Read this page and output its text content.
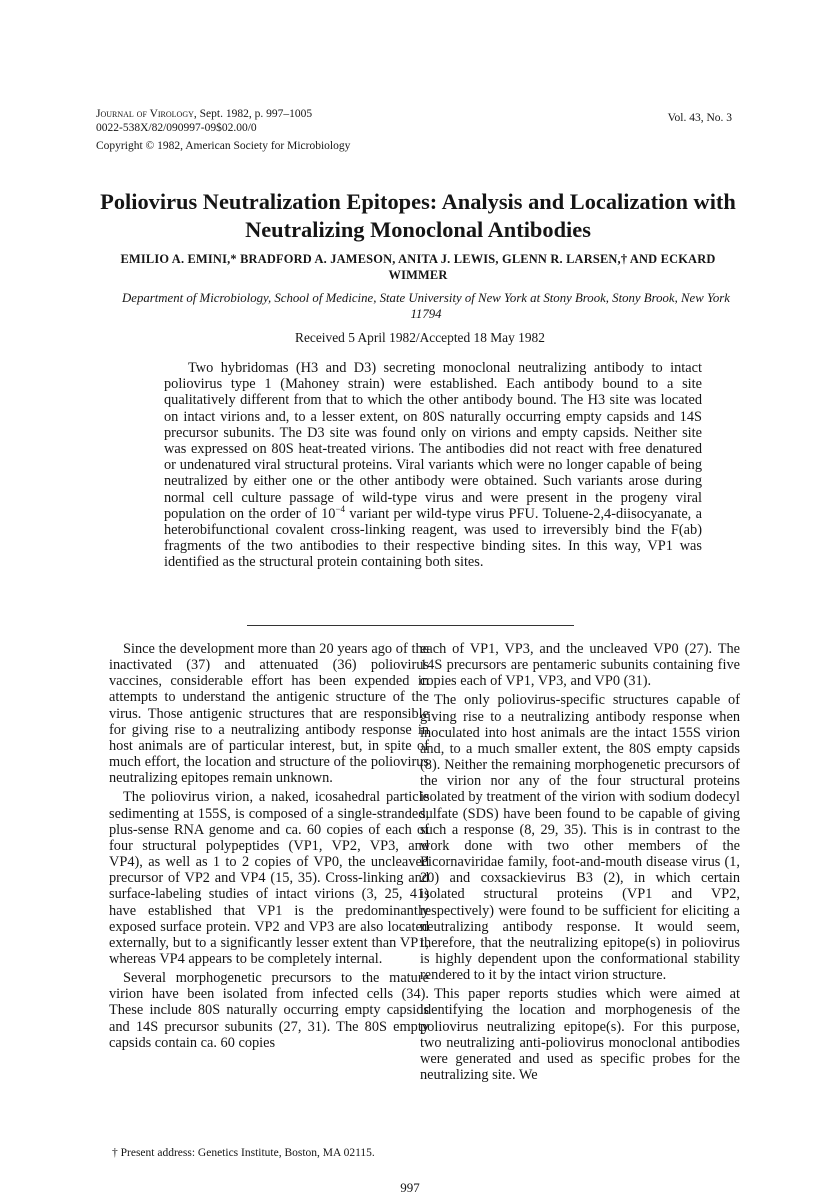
Journal of Virology, Sept. 1982, p. 997–1005
0022-538X/82/090997-09$02.00/0
Copyright © 1982, American Society for Microbiology
Vol. 43, No. 3
Poliovirus Neutralization Epitopes: Analysis and Localization with Neutralizing Monoclonal Antibodies
EMILIO A. EMINI,* BRADFORD A. JAMESON, ANITA J. LEWIS, GLENN R. LARSEN,† AND ECKARD WIMMER
Department of Microbiology, School of Medicine, State University of New York at Stony Brook, Stony Brook, New York 11794
Received 5 April 1982/Accepted 18 May 1982

Two hybridomas (H3 and D3) secreting monoclonal neutralizing antibody to intact poliovirus type 1 (Mahoney strain) were established. Each antibody bound to a site qualitatively different from that to which the other antibody bound. The H3 site was located on intact virions and, to a lesser extent, on 80S naturally occurring empty capsids and 14S precursor subunits. The D3 site was found only on virions and empty capsids. Neither site was expressed on 80S heat-treated virions. The antibodies did not react with free denatured or undenatured viral structural proteins. Viral variants which were no longer capable of being neutralized by either one or the other antibody were obtained. Such variants arose during normal cell culture passage of wild-type virus and were present in the progeny viral population on the order of $10^{-4}$ variant per wild-type virus PFU. Toluene-2,4-diisocyanate, a heterobifunctional covalent cross-linking reagent, was used to irreversibly bind the F(ab) fragments of the two antibodies to their respective binding sites. In this way, VP1 was identified as the structural protein containing both sites.

Since the development more than 20 years ago of the inactivated (37) and attenuated (36) poliovirus vaccines, considerable effort has been expended in attempts to understand the antigenic structure of the virus. Those antigenic structures that are responsible for giving rise to a neutralizing antibody response in host animals are of particular interest, but, in spite of much effort, the location and structure of the poliovirus neutralizing epitopes remain unknown.

The poliovirus virion, a naked, icosahedral particle sedimenting at 155S, is composed of a single-stranded, plus-sense RNA genome and ca. 60 copies of each of four structural polypeptides (VP1, VP2, VP3, and VP4), as well as 1 to 2 copies of VP0, the uncleaved precursor of VP2 and VP4 (15, 35). Cross-linking and surface-labeling studies of intact virions (3, 25, 41) have established that VP1 is the predominantly exposed surface protein. VP2 and VP3 are also located externally, but to a significantly lesser extent than VP1, whereas VP4 appears to be completely internal.

Several morphogenetic precursors to the mature virion have been isolated from infected cells (34). These include 80S naturally occurring empty capsids and 14S precursor subunits (27, 31). The 80S empty capsids contain ca. 60 copies

each of VP1, VP3, and the uncleaved VP0 (27). The 14S precursors are pentameric subunits containing five copies each of VP1, VP3, and VP0 (31).

The only poliovirus-specific structures capable of giving rise to a neutralizing antibody response when inoculated into host animals are the intact 155S virion and, to a much smaller extent, the 80S empty capsids (8). Neither the remaining morphogenetic precursors of the virion nor any of the four structural proteins isolated by treatment of the virion with sodium dodecyl sulfate (SDS) have been found to be capable of giving such a response (8, 29, 35). This is in contrast to the work done with two other members of the Picornaviridae family, foot-and-mouth disease virus (1, 20) and coxsackievirus B3 (2), in which certain isolated structural proteins (VP1 and VP2, respectively) were found to be sufficient for eliciting a neutralizing antibody response. It would seem, therefore, that the neutralizing epitope(s) in poliovirus is highly dependent upon the conformational stability rendered to it by the intact virion structure.

This paper reports studies which were aimed at identifying the location and morphogenesis of the poliovirus neutralizing epitope(s). For this purpose, two neutralizing anti-poliovirus monoclonal antibodies were generated and used as specific probes for the neutralizing site. We

† Present address: Genetics Institute, Boston, MA 02115.
997
